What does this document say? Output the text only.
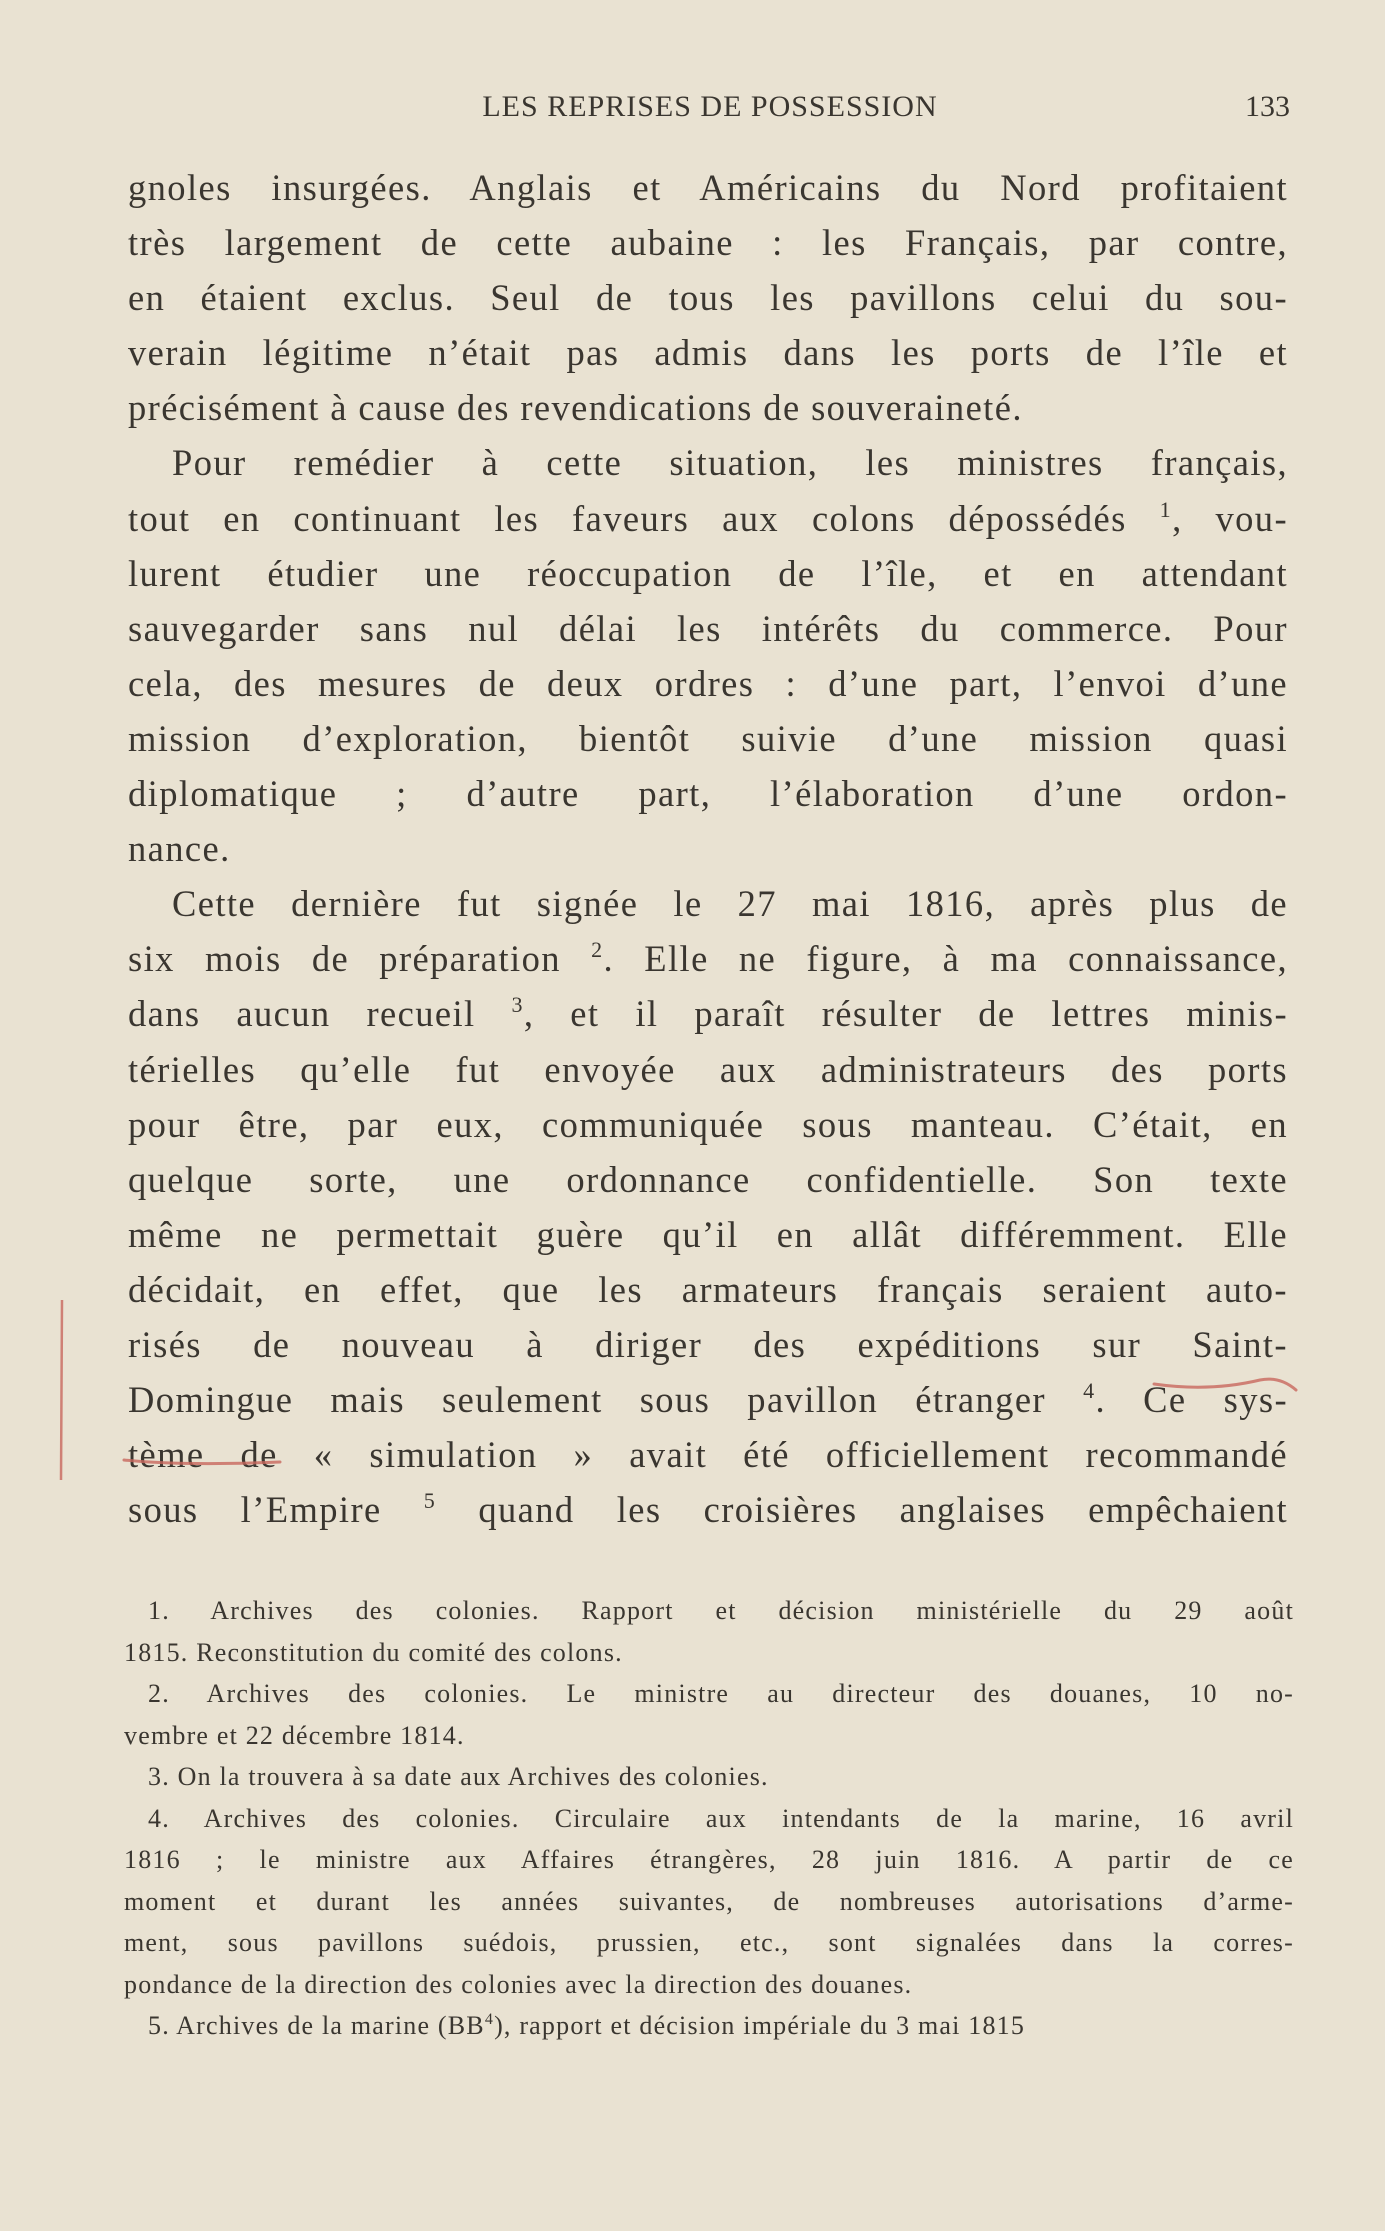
LES REPRISES DE POSSESSION	133
gnoles insurgées. Anglais et Américains du Nord profitaient
très largement de cette aubaine : les Français, par contre,
en étaient exclus. Seul de tous les pavillons celui du sou-
verain légitime n’était pas admis dans les ports de l’île et
précisément à cause des revendications de souveraineté.
Pour remédier à cette situation, les ministres français,
tout en continuant les faveurs aux colons dépossédés $^1$, vou-
lurent étudier une réoccupation de l’île, et en attendant
sauvegarder sans nul délai les intérêts du commerce. Pour
cela, des mesures de deux ordres : d’une part, l’envoi d’une
mission d’exploration, bientôt suivie d’une mission quasi
diplomatique ; d’autre part, l’élaboration d’une ordon-
nance.
Cette dernière fut signée le 27 mai 1816, après plus de
six mois de préparation $^2$. Elle ne figure, à ma connaissance,
dans aucun recueil $^3$, et il paraît résulter de lettres minis-
térielles qu’elle fut envoyée aux administrateurs des ports
pour être, par eux, communiquée sous manteau. C’était, en
quelque sorte, une ordonnance confidentielle. Son texte
même ne permettait guère qu’il en allât différemment. Elle
décidait, en effet, que les armateurs français seraient auto-
risés de nouveau à diriger des expéditions sur Saint-
Domingue mais seulement sous pavillon étranger $^4$. Ce sys-
tème de « simulation » avait été officiellement recommandé
sous l’Empire $^5$ quand les croisières anglaises empêchaient
1. Archives des colonies. Rapport et décision ministérielle du 29 août
1815. Reconstitution du comité des colons.
2. Archives des colonies. Le ministre au directeur des douanes, 10 no-
vembre et 22 décembre 1814.
3. On la trouvera à sa date aux Archives des colonies.
4. Archives des colonies. Circulaire aux intendants de la marine, 16 avril
1816 ; le ministre aux Affaires étrangères, 28 juin 1816. A partir de ce
moment et durant les années suivantes, de nombreuses autorisations d’arme-
ment, sous pavillons suédois, prussien, etc., sont signalées dans la corres-
pondance de la direction des colonies avec la direction des douanes.
5. Archives de la marine $(BB^4)$, rapport et décision impériale du 3 mai 1815
